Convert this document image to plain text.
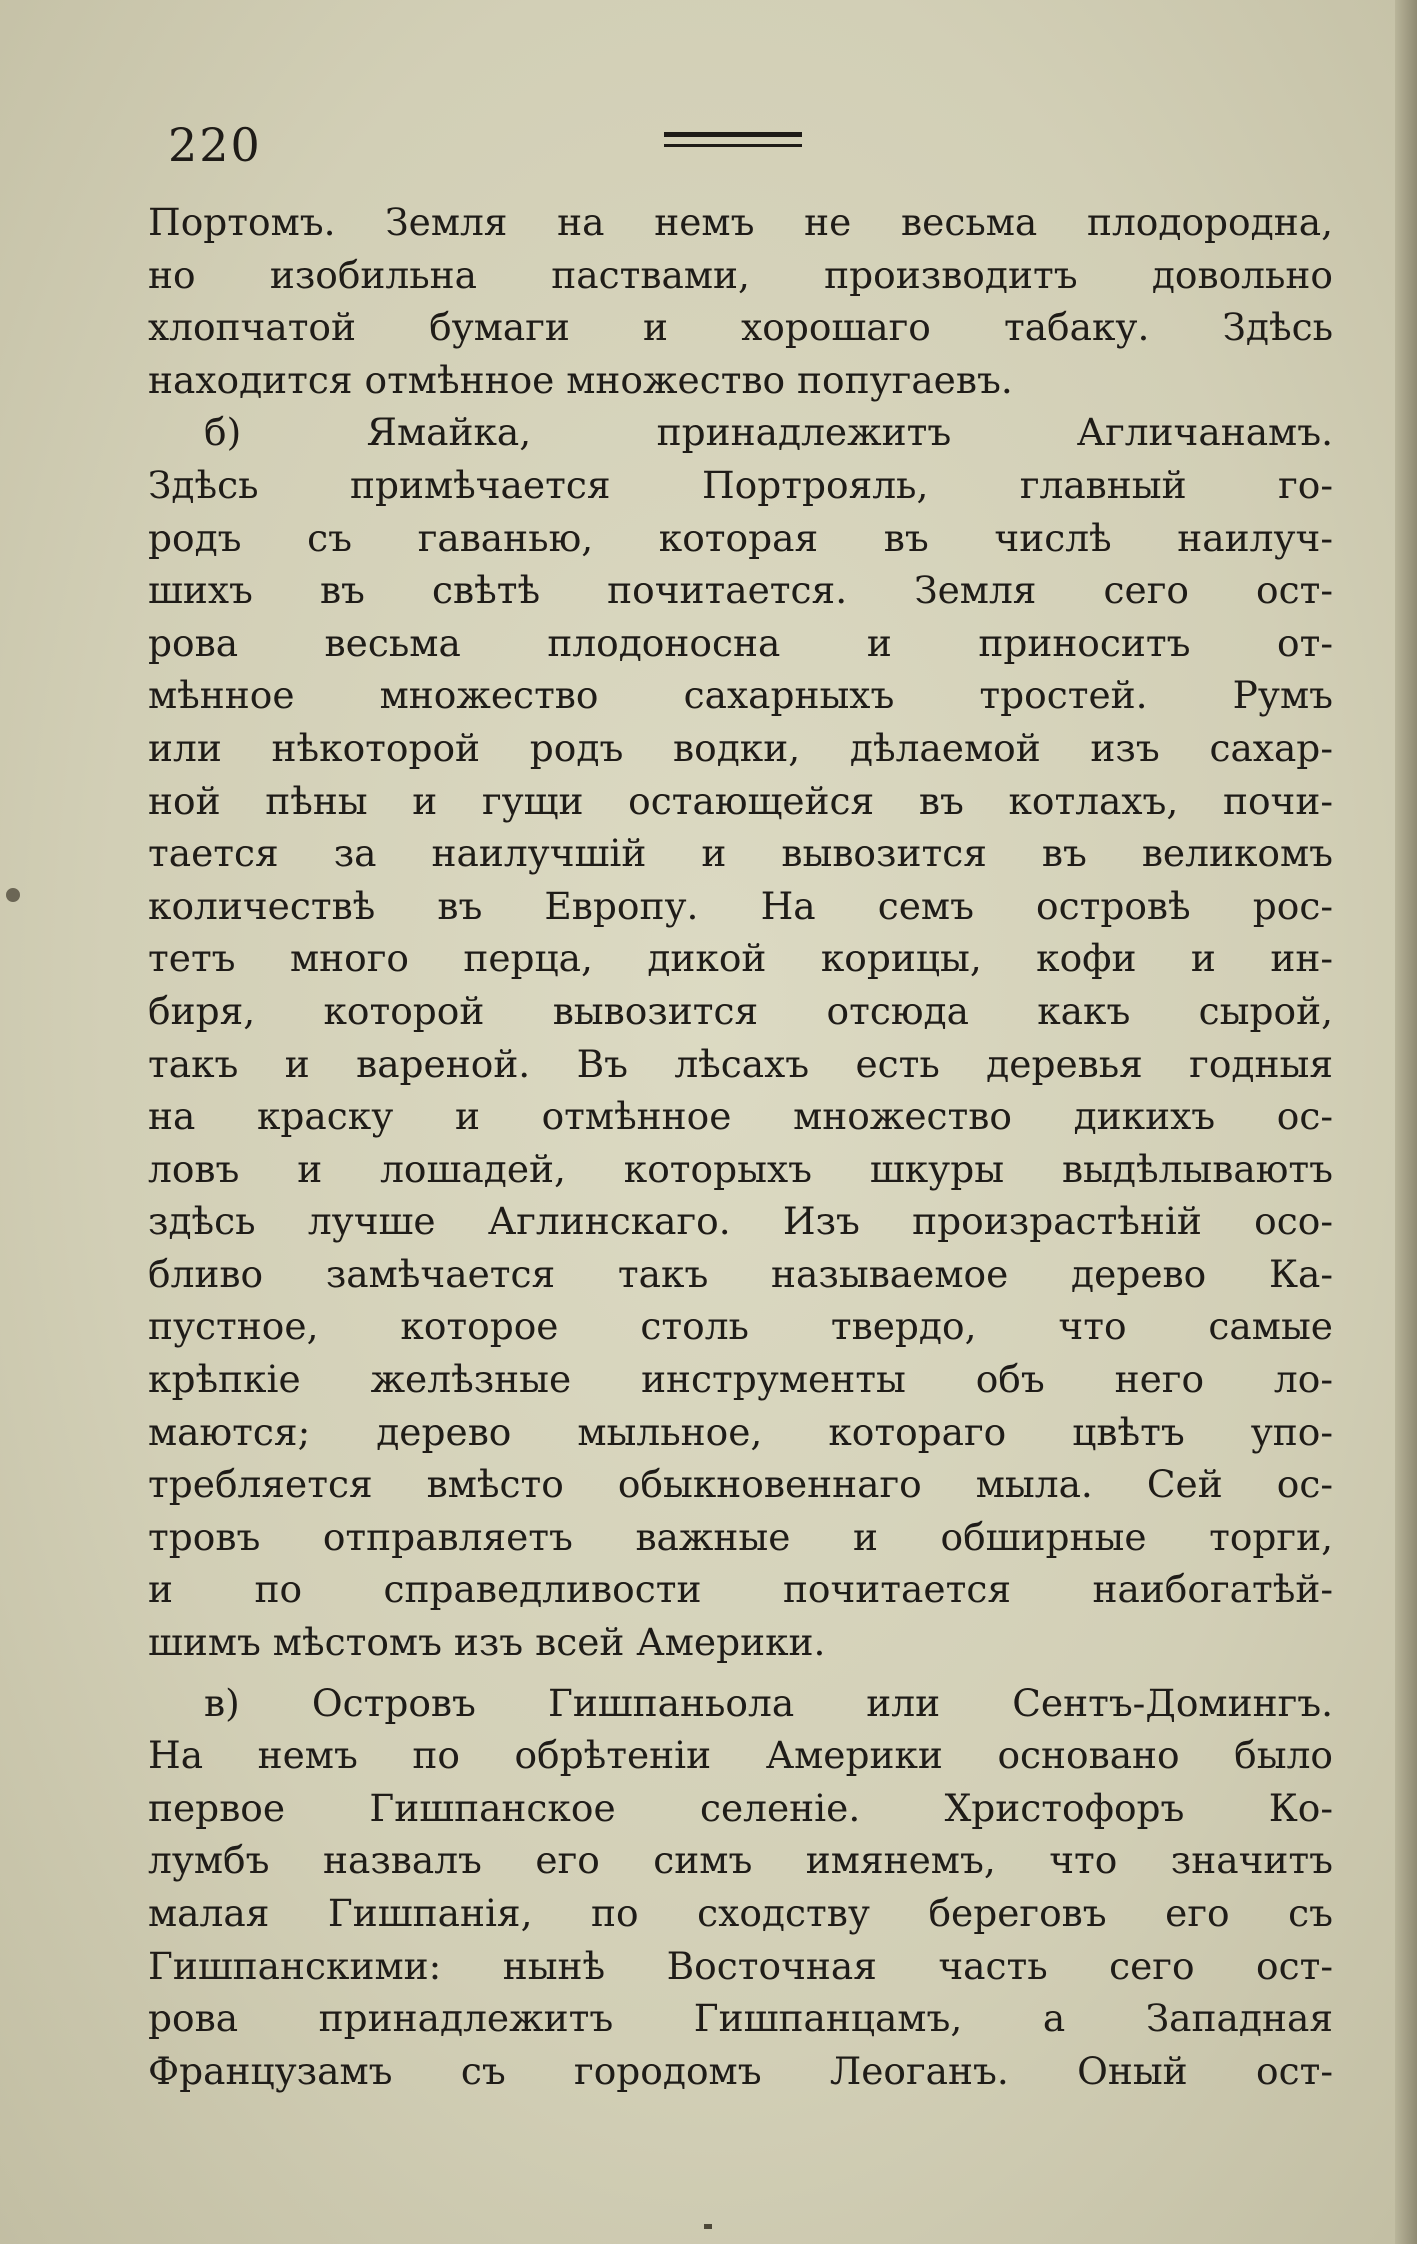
220
Портомъ. Земля на немъ не весьма плодородна,
но изобильна паствами, производитъ довольно
хлопчатой бумаги и хорошаго табаку. Здѣсь
находится отмѣнное множество попугаевъ.
б) Ямайка, принадлежитъ Агличанамъ.
Здѣсь примѣчается Портрояль, главный го-
родъ съ гаванью, которая въ числѣ наилуч-
шихъ въ свѣтѣ почитается. Земля сего ост-
рова весьма плодоносна и приноситъ от-
мѣнное множество сахарныхъ тростей. Румъ
или нѣкоторой родъ водки, дѣлаемой изъ сахар-
ной пѣны и гущи остающейся въ котлахъ, почи-
тается за наилучшій и вывозится въ великомъ
количествѣ въ Европу. На семъ островѣ рос-
тетъ много перца, дикой корицы, кофи и ин-
биря, которой вывозится отсюда какъ сырой,
такъ и вареной. Въ лѣсахъ есть деревья годныя
на краску и отмѣнное множество дикихъ ос-
ловъ и лошадей, которыхъ шкуры выдѣлываютъ
здѣсь лучше Аглинскаго. Изъ произрастѣній осо-
бливо замѣчается такъ называемое дерево Ка-
пустное, которое столь твердо, что самые
крѣпкіе желѣзные инструменты объ него ло-
маются; дерево мыльное, котораго цвѣтъ упо-
требляется вмѣсто обыкновеннаго мыла. Сей ос-
тровъ отправляетъ важные и обширные торги,
и по справедливости почитается наибогатѣй-
шимъ мѣстомъ изъ всей Америки.
в) Островъ Гишпаньола или Сентъ-Домингъ.
На немъ по обрѣтеніи Америки основано было
первое Гишпанское селеніе. Христофоръ Ко-
лумбъ назвалъ его симъ имянемъ, что значитъ
малая Гишпанія, по сходству береговъ его съ
Гишпанскими: нынѣ Восточная часть сего ост-
рова принадлежитъ Гишпанцамъ, а Западная
Французамъ съ городомъ Леоганъ. Оный ост-
